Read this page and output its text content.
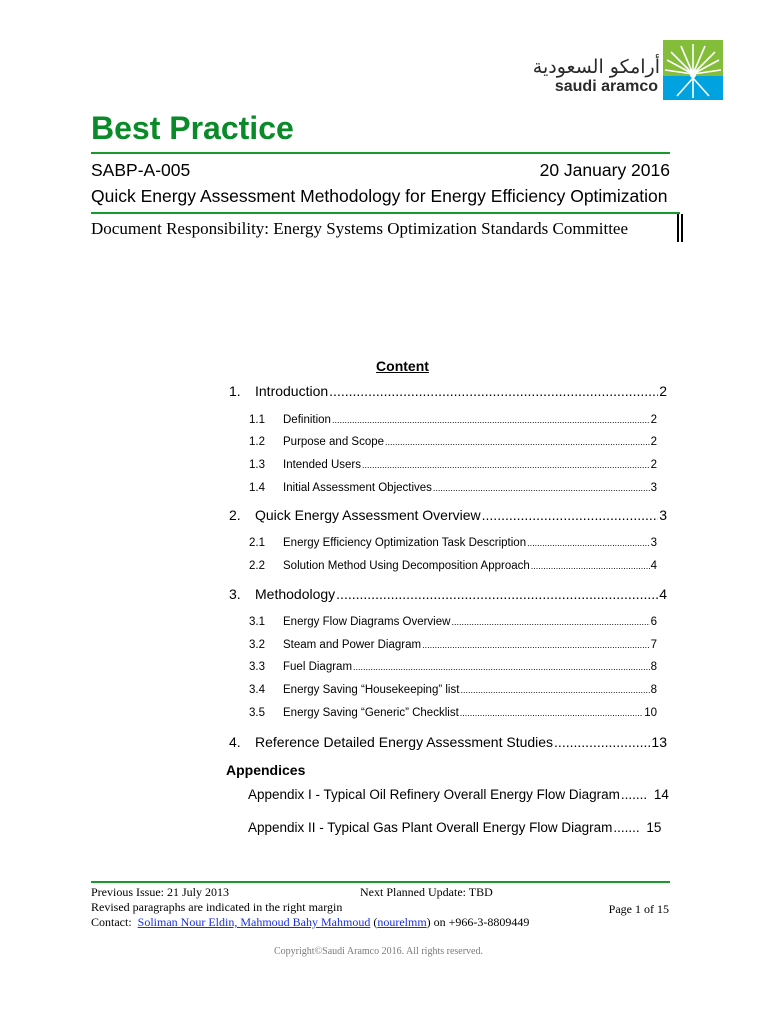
أرامكو السعودية
saudi aramco
Best Practice
SABP-A-005	20 January 2016
Quick Energy Assessment Methodology for Energy Efficiency Optimization
Document Responsibility: Energy Systems Optimization Standards Committee
Content
1.	Introduction .....	2
1.1	Definition .....	2
1.2	Purpose and Scope .....	2
1.3	Intended Users .....	2
1.4	Initial Assessment Objectives .....	3
2.	Quick Energy Assessment Overview .....	3
2.1	Energy Efficiency Optimization Task Description .....	3
2.2	Solution Method Using Decomposition Approach .....	4
3.	Methodology .....	4
3.1	Energy Flow Diagrams Overview .....	6
3.2	Steam and Power Diagram .....	7
3.3	Fuel Diagram .....	8
3.4	Energy Saving “Housekeeping” list .....	8
3.5	Energy Saving “Generic” Checklist .....	10
4.	Reference Detailed Energy Assessment Studies .....	13
Appendices
Appendix I - Typical Oil Refinery Overall Energy Flow Diagram .....	14
Appendix II - Typical Gas Plant Overall Energy Flow Diagram .....	15
Previous Issue: 21 July 2013	Next Planned Update: TBD
Revised paragraphs are indicated in the right margin	Page 1 of 15
Contact:  Soliman Nour Eldin, Mahmoud Bahy Mahmoud (nourelmm) on +966-3-8809449
Copyright©Saudi Aramco 2016. All rights reserved.
